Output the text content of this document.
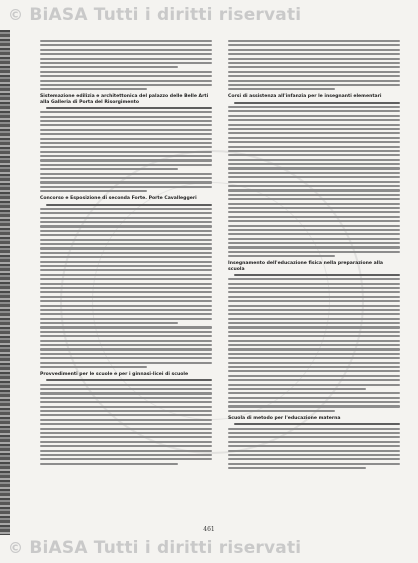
© BiASA Tutti i diritti riservati
Sistemazione edilizia e architettonica del palazzo delle Belle Arti alla Galleria di Porta del Risorgimento
Concorso e Esposizione di seconda Forte. Porte Cavalleggeri
Provvedimenti per le scuole e per i ginnasi-licei di scuole
Corsi di assistenza all'infanzia per le insegnanti elementari
Insegnamento dell'educazione fisica nella preparazione alla scuola
Scuola di metodo per l'educazione materna
461
© BiASA Tutti i diritti riservati
